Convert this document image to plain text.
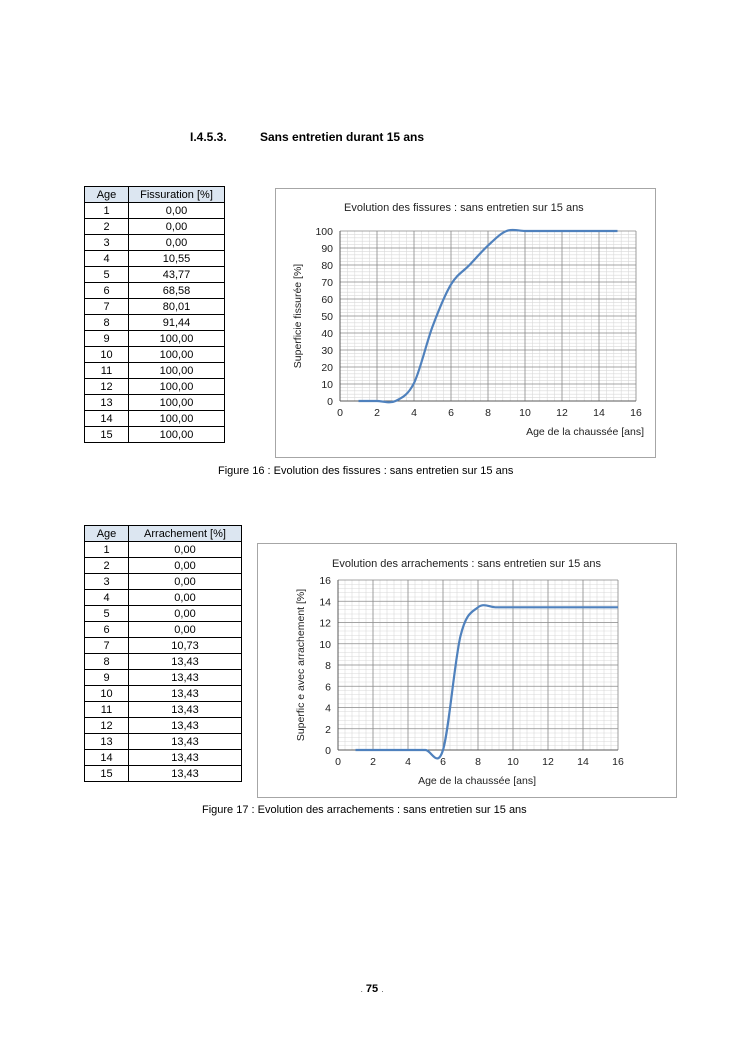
I.4.5.3.	Sans entretien durant 15 ans
Age	Fissuration [%]
1	0,00
2	0,00
3	0,00
4	10,55
5	43,77
6	68,58
7	80,01
8	91,44
9	100,00
10	100,00
11	100,00
12	100,00
13	100,00
14	100,00
15	100,00
Evolution des fissures : sans entretien sur 15 ans
0	2	4	6	8	10 12 14 16
0
10
20
30
40
50
60
70
80
90
100
Age de la chaussée [ans]
Superficie fissurée [%]
Figure 16 : Evolution des fissures : sans entretien sur 15 ans
Age	Arrachement [%]
1	0,00
2	0,00
3	0,00
4	0,00
5	0,00
6	0,00
7	10,73
8	13,43
9	13,43
10	13,43
11	13,43
12	13,43
13	13,43
14	13,43
15	13,43
Evolution des arrachements : sans entretien sur 15 ans
0	2	4	6	8 10 12 14 16
0
2
4
6
8
10
12
14
16
Age de la chaussée [ans]
Superfic e avec arrachement [%]
Figure 17 : Evolution des arrachements : sans entretien sur 15 ans
. 75 .
